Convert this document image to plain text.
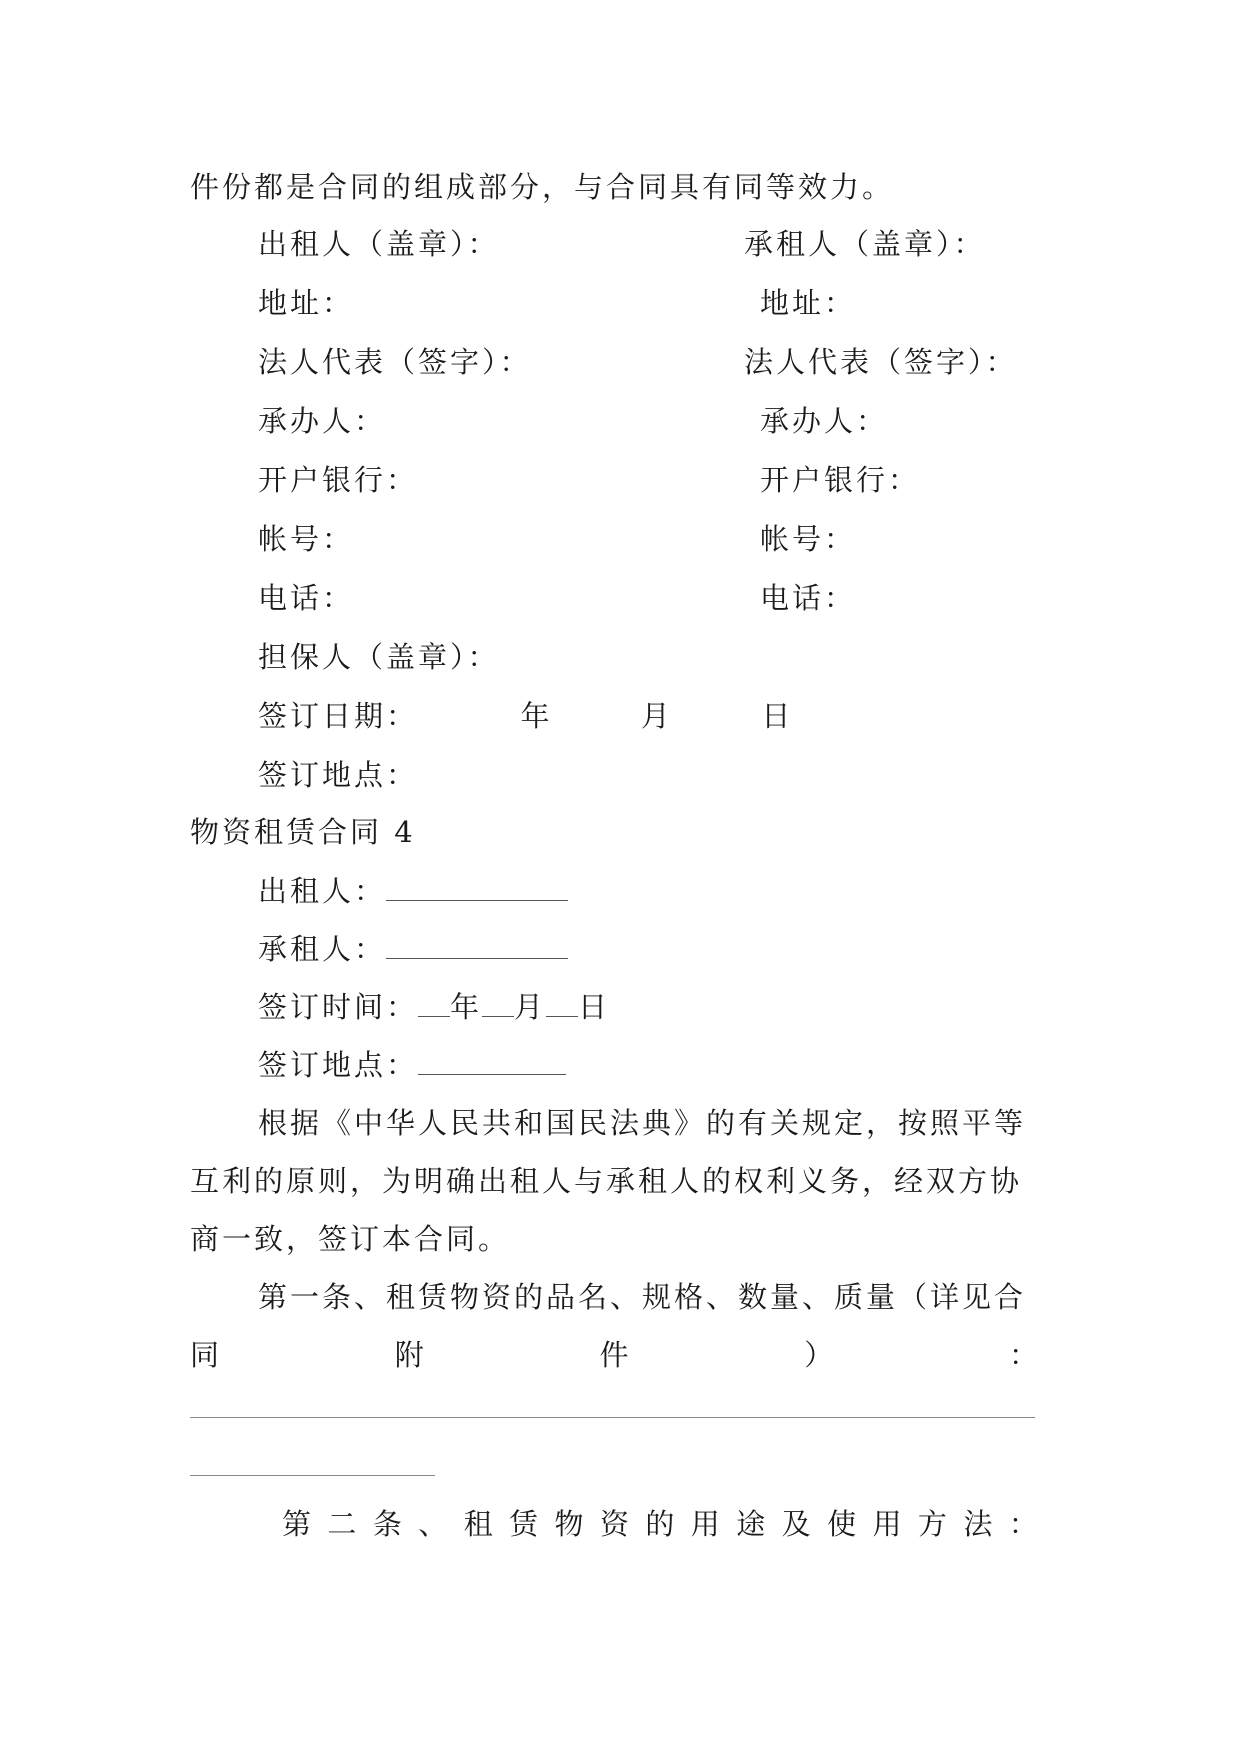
件份都是合同的组成部分，与合同具有同等效力。
出租人（盖章）：	承租人（盖章）：
地址：	地址：
法人代表（签字）：	法人代表（签字）：
承办人：	承办人：
开户银行：	开户银行：
帐号：	帐号：
电话：	电话：
担保人（盖章）：
签订日期：	年	月	日
签订地点：
物资租赁合同 4
出租人：
承租人：
签订时间： 年 月 日
签订地点：
根据《中华人民共和国民法典》的有关规定，按照平等
互利的原则，为明确出租人与承租人的权利义务，经双方协
商一致，签订本合同。
第一条、租赁物资的品名、规格、数量、质量（详见合
同	附	件	）	：
第 二 条 、 租 赁 物 资 的 用 途 及 使 用 方 法 ：
